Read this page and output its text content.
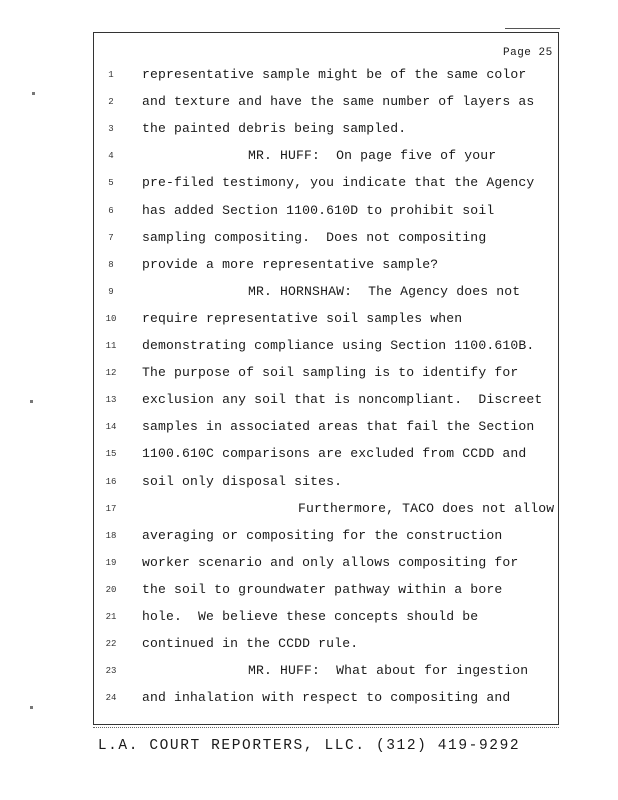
Page 25
1	representative sample might be of the same color
2	and texture and have the same number of layers as
3	the painted debris being sampled.
4	MR. HUFF:  On page five of your
5	pre-filed testimony, you indicate that the Agency
6	has added Section 1100.610D to prohibit soil
7	sampling compositing.  Does not compositing
8	provide a more representative sample?
9	MR. HORNSHAW:  The Agency does not
10	require representative soil samples when
11	demonstrating compliance using Section 1100.610B.
12	The purpose of soil sampling is to identify for
13	exclusion any soil that is noncompliant.  Discreet
14	samples in associated areas that fail the Section
15	1100.610C comparisons are excluded from CCDD and
16	soil only disposal sites.
17	Furthermore, TACO does not allow
18	averaging or compositing for the construction
19	worker scenario and only allows compositing for
20	the soil to groundwater pathway within a bore
21	hole.  We believe these concepts should be
22	continued in the CCDD rule.
23	MR. HUFF:  What about for ingestion
24	and inhalation with respect to compositing and
L.A. COURT REPORTERS, LLC. (312) 419-9292
